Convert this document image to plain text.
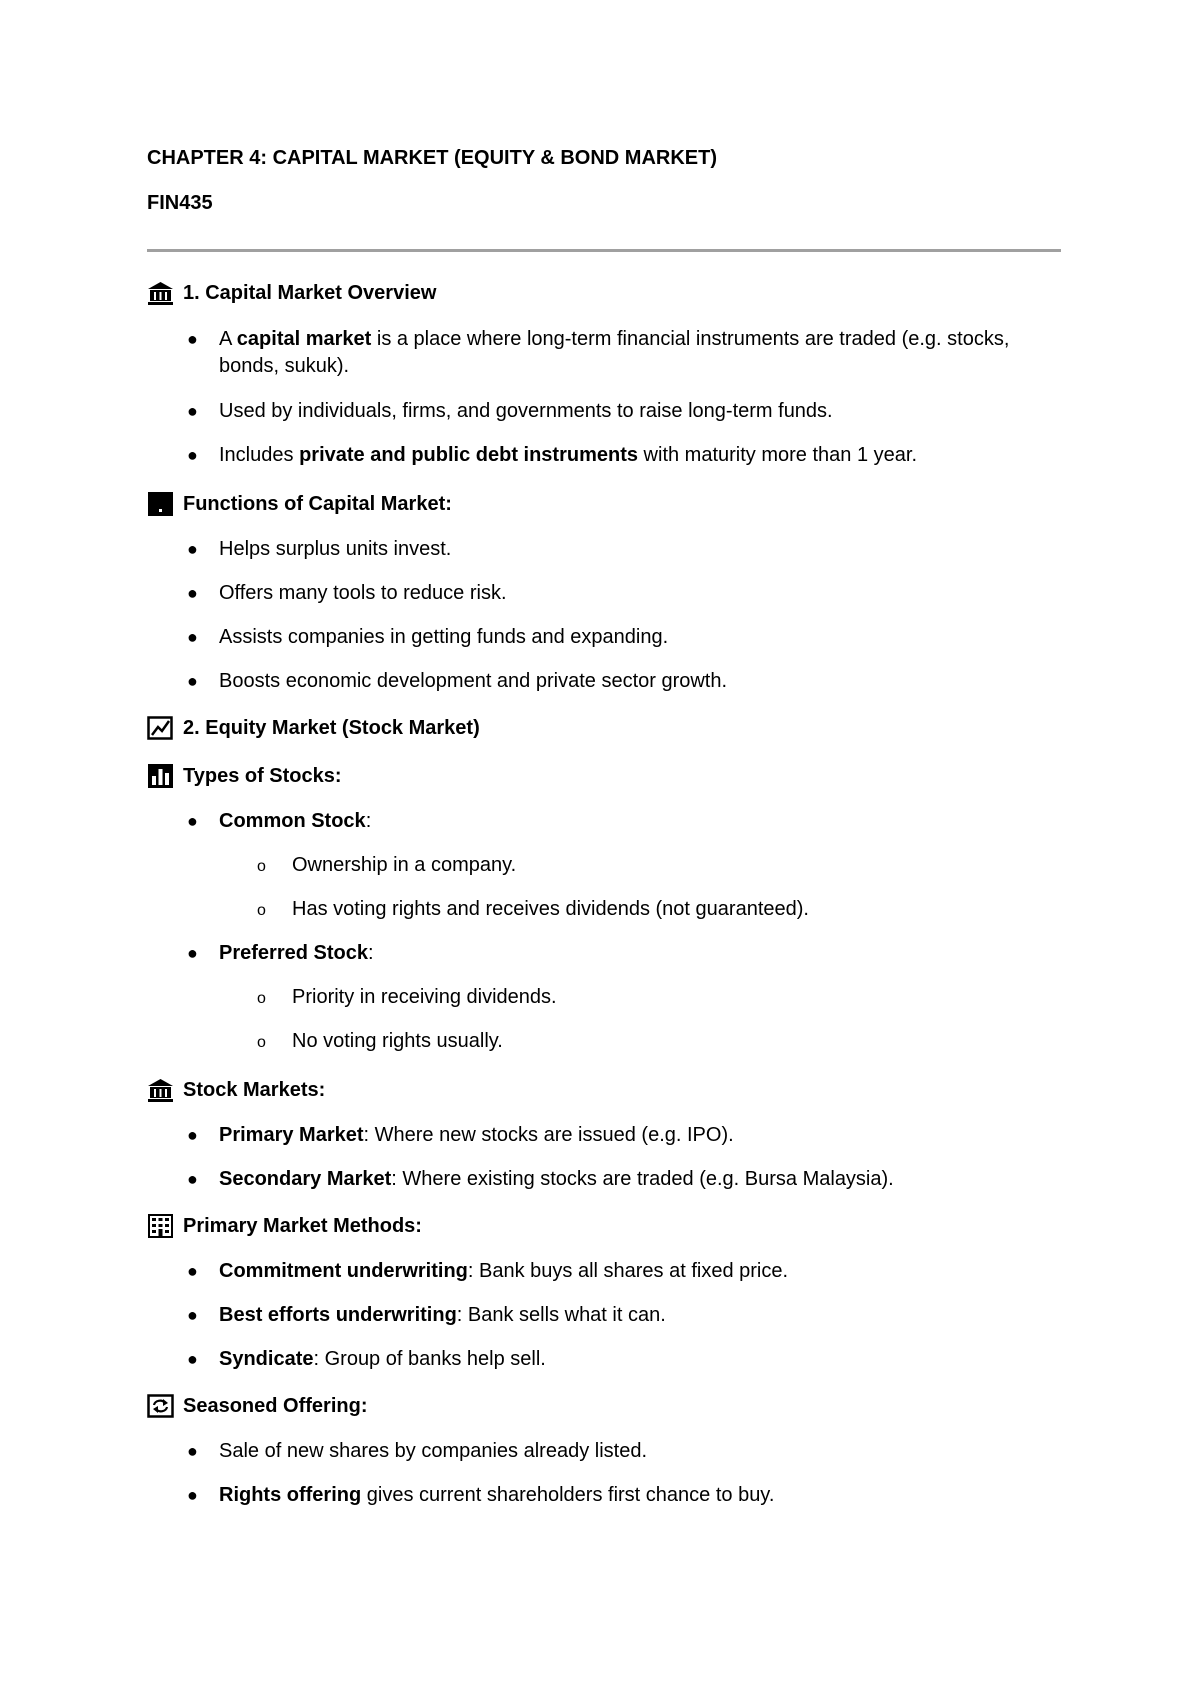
CHAPTER 4: CAPITAL MARKET (EQUITY & BOND MARKET)
FIN435
1. Capital Market Overview
● A capital market is a place where long-term financial instruments are traded (e.g. stocks, bonds, sukuk).
● Used by individuals, firms, and governments to raise long-term funds.
● Includes private and public debt instruments with maturity more than 1 year.
Functions of Capital Market:
● Helps surplus units invest.
● Offers many tools to reduce risk.
● Assists companies in getting funds and expanding.
● Boosts economic development and private sector growth.
2. Equity Market (Stock Market)
Types of Stocks:
● Common Stock:
o Ownership in a company.
o Has voting rights and receives dividends (not guaranteed).
● Preferred Stock:
o Priority in receiving dividends.
o No voting rights usually.
Stock Markets:
● Primary Market: Where new stocks are issued (e.g. IPO).
● Secondary Market: Where existing stocks are traded (e.g. Bursa Malaysia).
Primary Market Methods:
● Commitment underwriting: Bank buys all shares at fixed price.
● Best efforts underwriting: Bank sells what it can.
● Syndicate: Group of banks help sell.
Seasoned Offering:
● Sale of new shares by companies already listed.
● Rights offering gives current shareholders first chance to buy.
